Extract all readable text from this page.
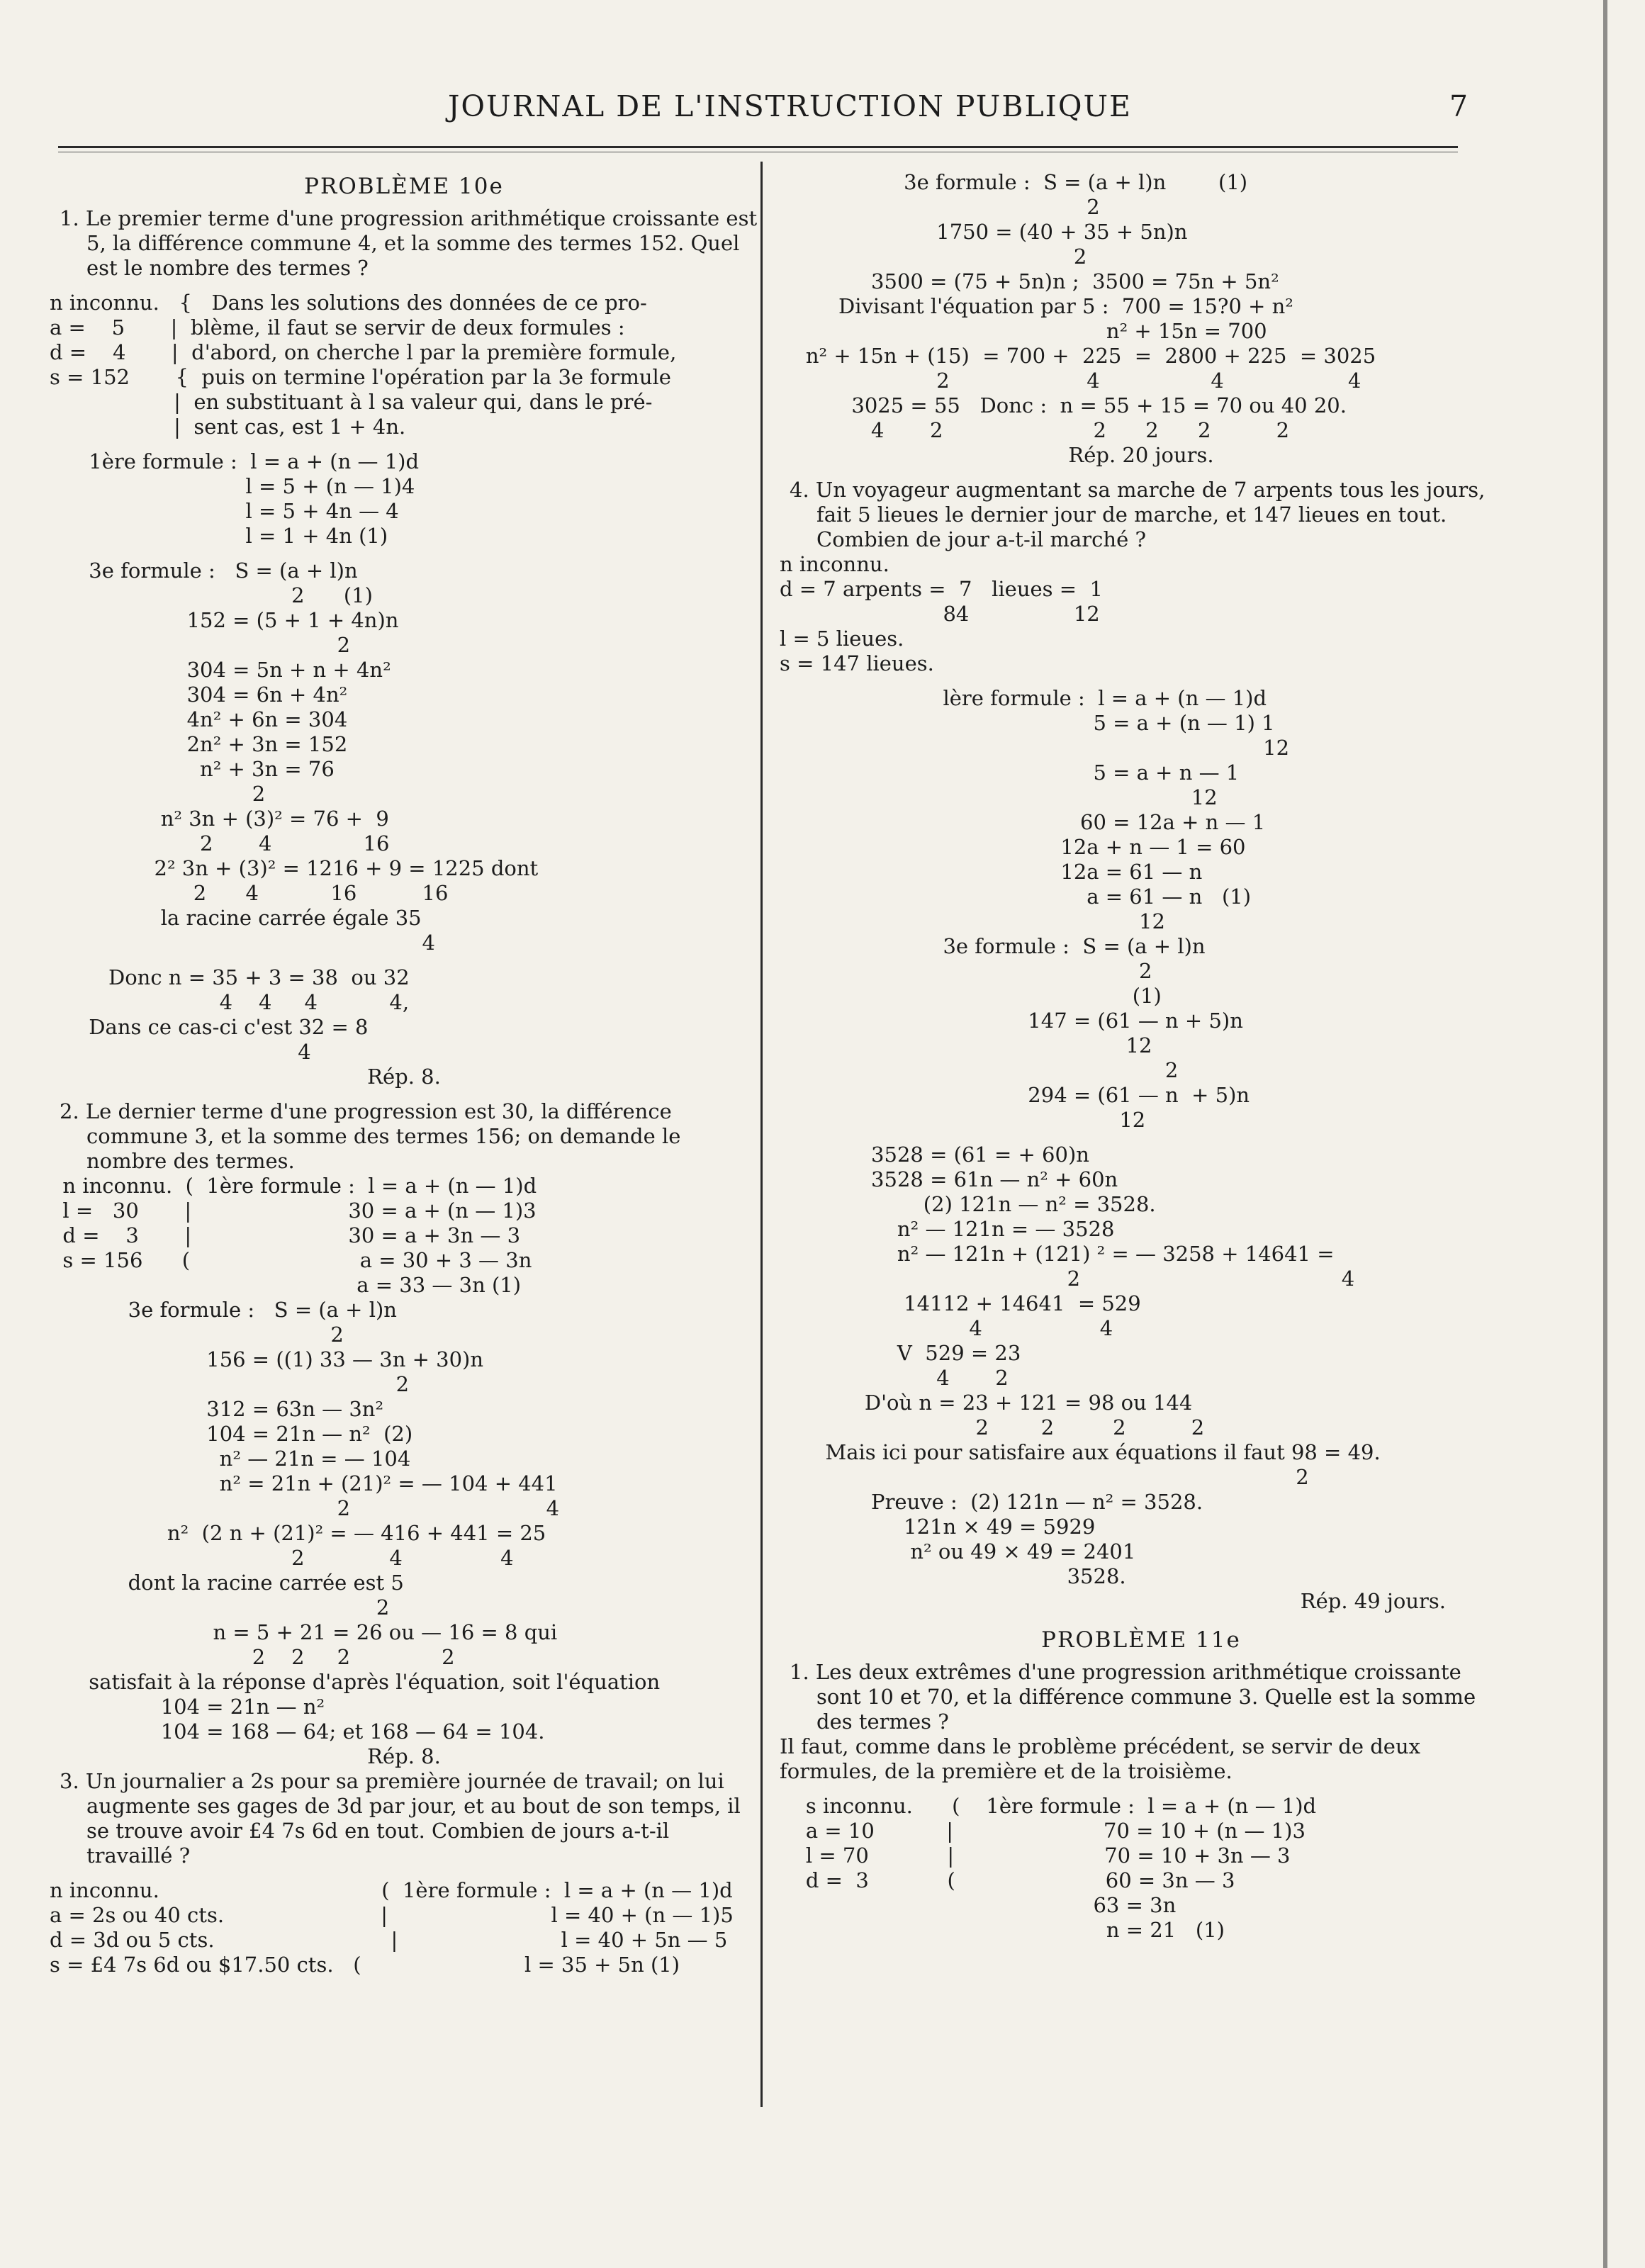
JOURNAL DE L'INSTRUCTION PUBLIQUE	7
PROBLÈME 10e
1. Le premier terme d'une progression arithmétique croissante est 5, la différence commune 4, et la somme des termes 152. Quel est le nombre des termes ?
n inconnu.   {   Dans les solutions des données de ce pro-
a =    5       |  blème, il faut se servir de deux formules :
d =    4       |  d'abord, on cherche l par la première formule,
s = 152       {  puis on termine l'opération par la 3e formule
|  en substituant à l sa valeur qui, dans le pré-
|  sent cas, est 1 + 4n.
1ère formule :  l = a + (n — 1)d
l = 5 + (n — 1)4
l = 5 + 4n — 4
l = 1 + 4n (1)
3e formule :   S = (a + l)n
2      (1)
152 = (5 + 1 + 4n)n
2
304 = 5n + n + 4n²
304 = 6n + 4n²
4n² + 6n = 304
2n² + 3n = 152
n² + 3n = 76
2
n² 3n + (3)² = 76 +  9
2       4              16
2² 3n + (3)² = 1216 + 9 = 1225 dont
2      4           16          16
la racine carrée égale 35
4
Donc n = 35 + 3 = 38  ou 32
4    4     4           4,
Dans ce cas-ci c'est 32 = 8
4
Rép. 8.
2. Le dernier terme d'une progression est 30, la différence commune 3, et la somme des termes 156; on demande le nombre des termes.
n inconnu.  (  1ère formule :  l = a + (n — 1)d
l =   30       |                        30 = a + (n — 1)3
d =    3       |                        30 = a + 3n — 3
s = 156      (                          a = 30 + 3 — 3n
a = 33 — 3n (1)
3e formule :   S = (a + l)n
2
156 = ((1) 33 — 3n + 30)n
2
312 = 63n — 3n²
104 = 21n — n²  (2)
n² — 21n = — 104
n² = 21n + (21)² = — 104 + 441
2                              4
n²  (2 n + (21)² = — 416 + 441 = 25
2             4               4
dont la racine carrée est 5
2
n = 5 + 21 = 26 ou — 16 = 8 qui
2    2     2              2
satisfait à la réponse d'après l'équation, soit l'équation
104 = 21n — n²
104 = 168 — 64; et 168 — 64 = 104.
Rép. 8.
3. Un journalier a 2s pour sa première journée de travail; on lui augmente ses gages de 3d par jour, et au bout de son temps, il se trouve avoir £4 7s 6d en tout. Combien de jours a-t-il travaillé ?
n inconnu.                                  (  1ère formule :  l = a + (n — 1)d
a = 2s ou 40 cts.                        |                         l = 40 + (n — 1)5
d = 3d ou 5 cts.                           |                         l = 40 + 5n — 5
s = £4 7s 6d ou $17.50 cts.   (                         l = 35 + 5n (1)
3e formule :  S = (a + l)n        (1)
2
1750 = (40 + 35 + 5n)n
2
3500 = (75 + 5n)n ;  3500 = 75n + 5n²
Divisant l'équation par 5 :  700 = 15?0 + n²
n² + 15n = 700
n² + 15n + (15)  = 700 +  225  =  2800 + 225  = 3025
2                     4                 4                   4
3025 = 55   Donc :  n = 55 + 15 = 70 ou 40 20.
4       2                       2      2      2          2
Rép. 20 jours.
4. Un voyageur augmentant sa marche de 7 arpents tous les jours, fait 5 lieues le dernier jour de marche, et 147 lieues en tout. Combien de jour a-t-il marché ?
n inconnu.
d = 7 arpents =  7   lieues =  1
84                12
l = 5 lieues.
s = 147 lieues.
lère formule :  l = a + (n — 1)d
5 = a + (n — 1) 1
12
5 = a + n — 1
12
60 = 12a + n — 1
12a + n — 1 = 60
12a = 61 — n
a = 61 — n   (1)
12
3e formule :  S = (a + l)n
2
(1)
147 = (61 — n + 5)n
12
2
294 = (61 — n  + 5)n
12
3528 = (61 = + 60)n
3528 = 61n — n² + 60n
(2) 121n — n² = 3528.
n² — 121n = — 3528
n² — 121n + (121) ² = — 3258 + 14641 =
2                                        4
14112 + 14641  = 529
4                  4
V  529 = 23
4       2
D'où n = 23 + 121 = 98 ou 144
2        2         2          2
Mais ici pour satisfaire aux équations il faut 98 = 49.
2
Preuve :  (2) 121n — n² = 3528.
121n × 49 = 5929
n² ou 49 × 49 = 2401
3528.
Rép. 49 jours.
PROBLÈME 11e
1. Les deux extrêmes d'une progression arithmétique croissante sont 10 et 70, et la différence commune 3. Quelle est la somme des termes ?
Il faut, comme dans le problème précédent, se servir de deux formules, de la première et de la troisième.
s inconnu.      (    1ère formule :  l = a + (n — 1)d
a = 10           |                       70 = 10 + (n — 1)3
l = 70            |                       70 = 10 + 3n — 3
d =  3            (                       60 = 3n — 3
63 = 3n
n = 21   (1)
